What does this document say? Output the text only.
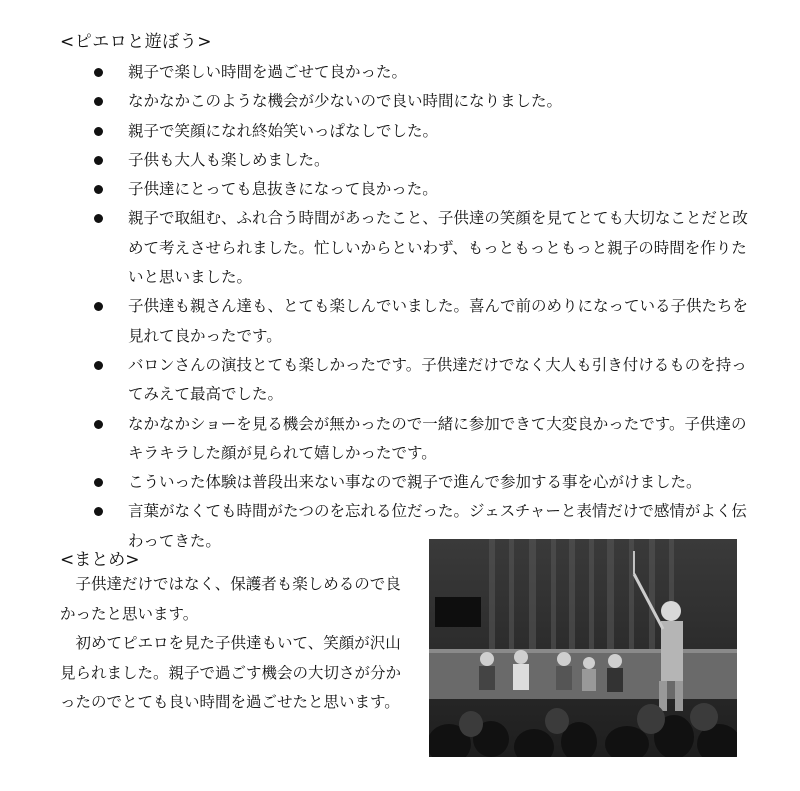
<ピエロと遊ぼう>
親子で楽しい時間を過ごせて良かった。
なかなかこのような機会が少ないので良い時間になりました。
親子で笑顔になれ終始笑いっぱなしでした。
子供も大人も楽しめました。
子供達にとっても息抜きになって良かった。
親子で取組む、ふれ合う時間があったこと、子供達の笑顔を見てとても大切なことだと改めて考えさせられました。忙しいからといわず、もっともっともっと親子の時間を作りたいと思いました。
子供達も親さん達も、とても楽しんでいました。喜んで前のめりになっている子供たちを見れて良かったです。
バロンさんの演技とても楽しかったです。子供達だけでなく大人も引き付けるものを持ってみえて最高でした。
なかなかショーを見る機会が無かったので一緒に参加できて大変良かったです。子供達のキラキラした顔が見られて嬉しかったです。
こういった体験は普段出来ない事なので親子で進んで参加する事を心がけました。
言葉がなくても時間がたつのを忘れる位だった。ジェスチャーと表情だけで感情がよく伝わってきた。
<まとめ>

子供達だけではなく、保護者も楽しめるので良かったと思います。

初めてピエロを見た子供達もいて、笑顔が沢山見られました。親子で過ごす機会の大切さが分かったのでとても良い時間を過ごせたと思います。
